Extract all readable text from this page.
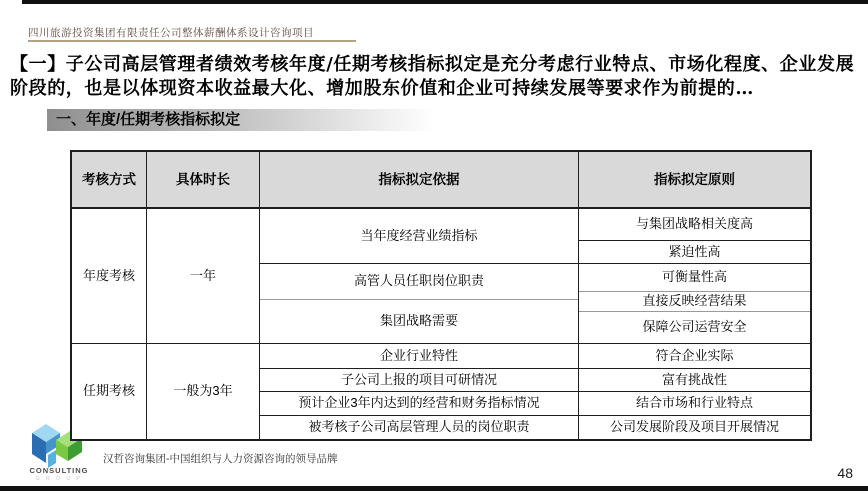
四川旅游投资集团有限责任公司整体薪酬体系设计咨询项目
【一】子公司高层管理者绩效考核年度/任期考核指标拟定是充分考虑行业特点、市场化程度、企业发展阶段的，也是以体现资本收益最大化、增加股东价值和企业可持续发展等要求作为前提的…
一、年度/任期考核指标拟定
CONSULTING
G R O U P
考核方式
年度考核
任期考核
具体时长
一年
一般为3年
指标拟定依据
当年度经营业绩指标
高管人员任职岗位职责
集团战略需要
企业行业特性
子公司上报的项目可研情况
预计企业3年内达到的经营和财务指标情况
被考核子公司高层管理人员的岗位职责
指标拟定原则
与集团战略相关度高
紧迫性高
可衡量性高
直接反映经营结果
保障公司运营安全
符合企业实际
富有挑战性
结合市场和行业特点
公司发展阶段及项目开展情况
汉哲咨询集团-中国组织与人力资源咨询的领导品牌
48
